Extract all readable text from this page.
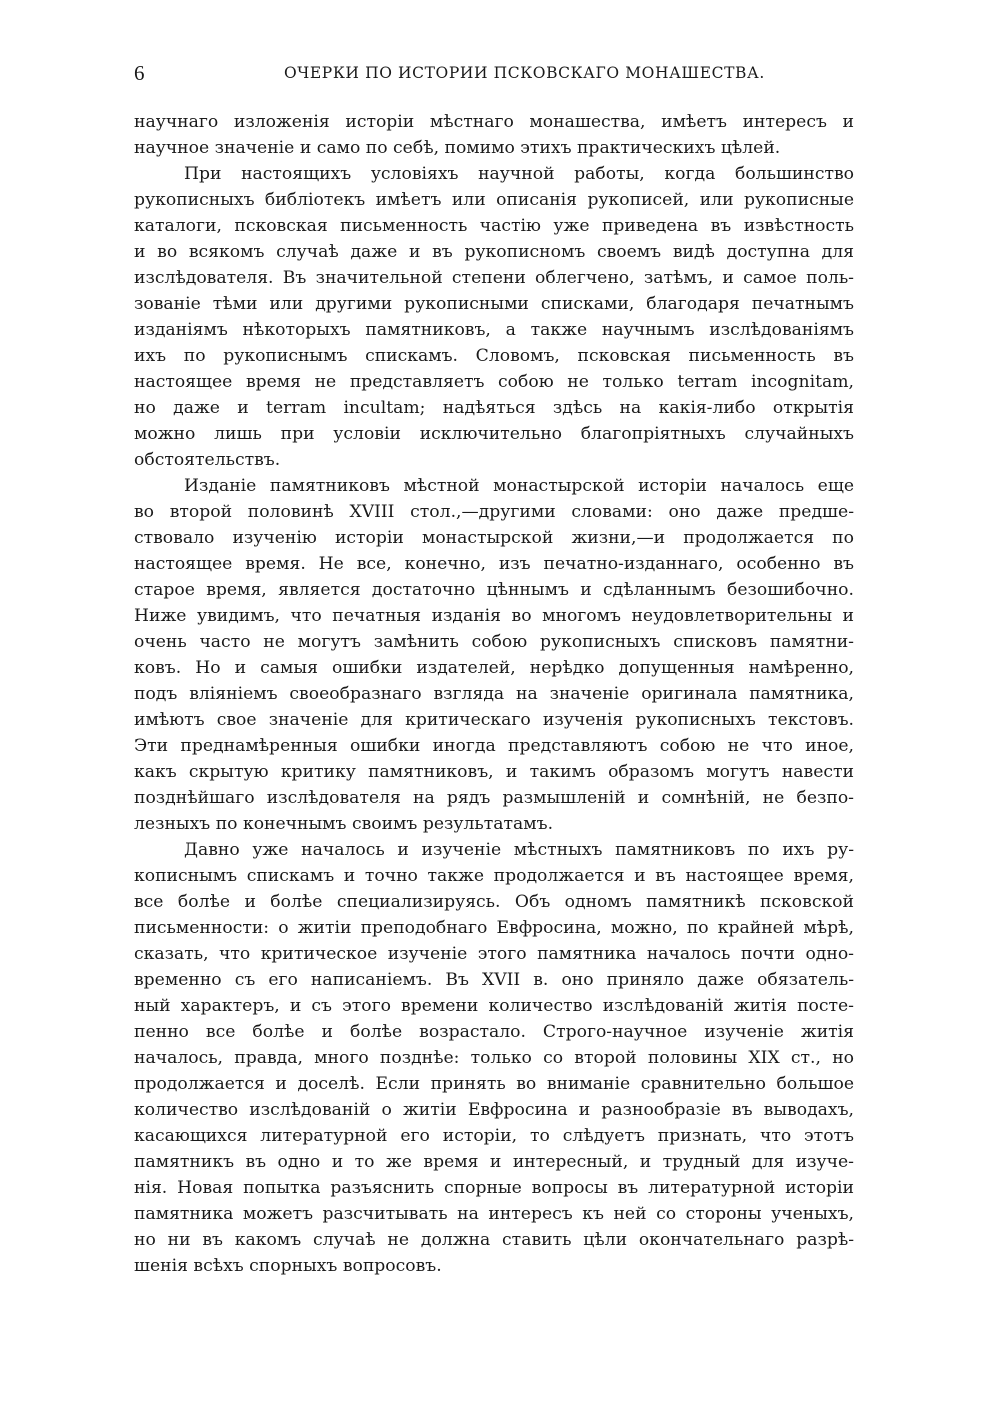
6	ОЧЕРКИ ПО ИСТОРИИ ПСКОВСКАГО МОНАШЕСТВА.
научнаго изложенія исторіи мѣстнаго монашества, имѣетъ интересъ и
научное значеніе и само по себѣ, помимо этихъ практическихъ цѣлей.
При настоящихъ условіяхъ научной работы, когда большинство
рукописныхъ библіотекъ имѣетъ или описанія рукописей, или рукописные
каталоги, псковская письменность частію уже приведена въ извѣстность
и во всякомъ случаѣ даже и въ рукописномъ своемъ видѣ доступна для
изслѣдователя. Въ значительной степени облегчено, затѣмъ, и самое поль-
зованіе тѣми или другими рукописными списками, благодаря печатнымъ
изданіямъ нѣкоторыхъ памятниковъ, а также научнымъ изслѣдованіямъ
ихъ по рукописнымъ спискамъ. Словомъ, псковская письменность въ
настоящее время не представляетъ собою не только terram incognitam,
но даже и terram incultam; надѣяться здѣсь на какія-либо открытія
можно лишь при условіи исключительно благопріятныхъ случайныхъ
обстоятельствъ.
Изданіе памятниковъ мѣстной монастырской исторіи началось еще
во второй половинѣ XVIII стол.,—другими словами: оно даже предше-
ствовало изученію исторіи монастырской жизни,—и продолжается по
настоящее время. Не все, конечно, изъ печатно-изданнаго, особенно въ
старое время, является достаточно цѣннымъ и сдѣланнымъ безошибочно.
Ниже увидимъ, что печатныя изданія во многомъ неудовлетворительны и
очень часто не могутъ замѣнить собою рукописныхъ списковъ памятни-
ковъ. Но и самыя ошибки издателей, нерѣдко допущенныя намѣренно,
подъ вліяніемъ своеобразнаго взгляда на значеніе оригинала памятника,
имѣютъ свое значеніе для критическаго изученія рукописныхъ текстовъ.
Эти преднамѣренныя ошибки иногда представляютъ собою не что иное,
какъ скрытую критику памятниковъ, и такимъ образомъ могутъ навести
позднѣйшаго изслѣдователя на рядъ размышленій и сомнѣній, не безпо-
лезныхъ по конечнымъ своимъ результатамъ.
Давно уже началось и изученіе мѣстныхъ памятниковъ по ихъ ру-
кописнымъ спискамъ и точно также продолжается и въ настоящее время,
все болѣе и болѣе специализируясь. Объ одномъ памятникѣ псковской
письменности: о житіи преподобнаго Евфросина, можно, по крайней мѣрѣ,
сказать, что критическое изученіе этого памятника началось почти одно-
временно съ его написаніемъ. Въ XVII в. оно приняло даже обязатель-
ный характеръ, и съ этого времени количество изслѣдованій житія посте-
пенно все болѣе и болѣе возрастало. Строго-научное изученіе житія
началось, правда, много позднѣе: только со второй половины XIX ст., но
продолжается и доселѣ. Если принять во вниманіе сравнительно большое
количество изслѣдованій о житіи Евфросина и разнообразіе въ выводахъ,
касающихся литературной его исторіи, то слѣдуетъ признать, что этотъ
памятникъ въ одно и то же время и интересный, и трудный для изуче-
нія. Новая попытка разъяснить спорные вопросы въ литературной исторіи
памятника можетъ разсчитывать на интересъ къ ней со стороны ученыхъ,
но ни въ какомъ случаѣ не должна ставить цѣли окончательнаго разрѣ-
шенія всѣхъ спорныхъ вопросовъ.
